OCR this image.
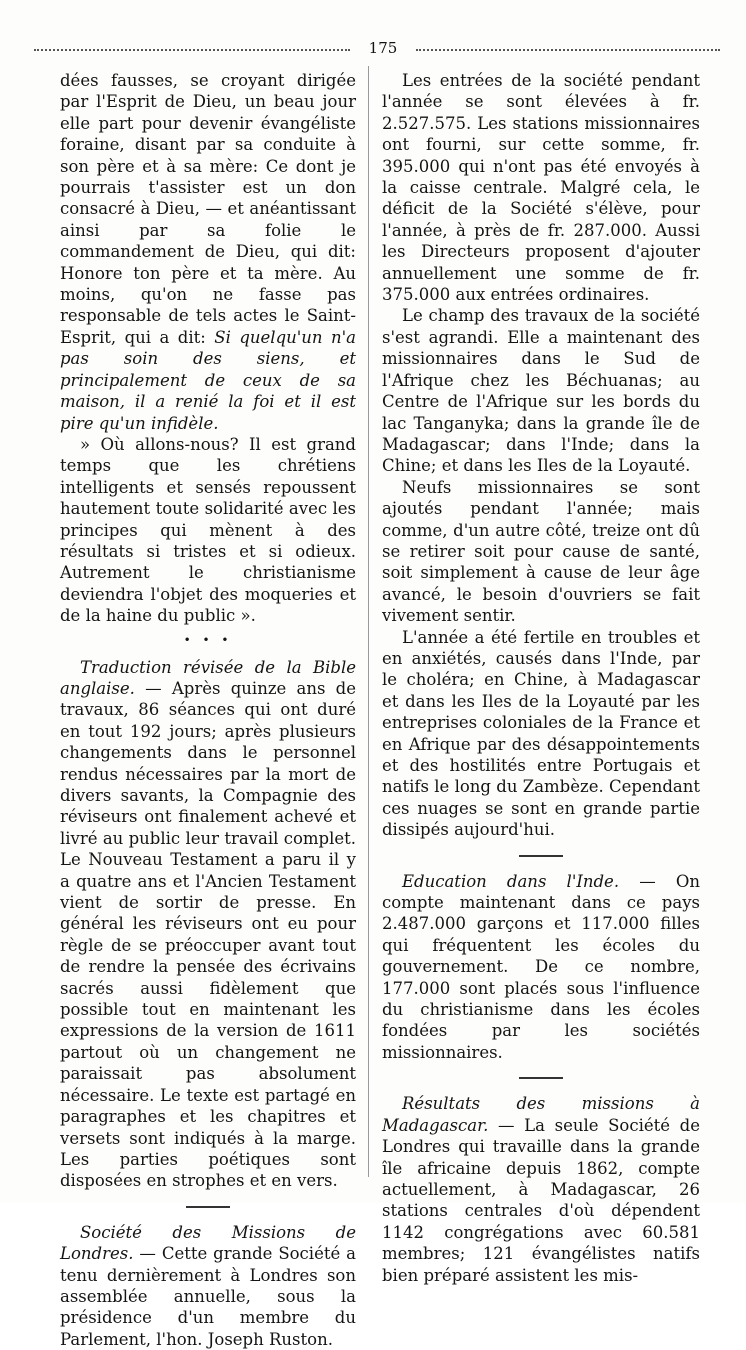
175

dées fausses, se croyant dirigée par l'Esprit de Dieu, un beau jour elle part pour devenir évangéliste foraine, disant par sa conduite à son père et à sa mère: Ce dont je pourrais t'assister est un don consacré à Dieu, — et anéantissant ainsi par sa folie le commandement de Dieu, qui dit: Honore ton père et ta mère. Au moins, qu'on ne fasse pas responsable de tels actes le Saint-Esprit, qui a dit: Si quelqu'un n'a pas soin des siens, et principalement de ceux de sa maison, il a renié la foi et il est pire qu'un infidèle.

» Où allons-nous? Il est grand temps que les chrétiens intelligents et sensés repoussent hautement toute solidarité avec les principes qui mènent à des résultats si tristes et si odieux. Autrement le christianisme deviendra l'objet des moqueries et de la haine du public ».

• • •

Traduction révisée de la Bible anglaise. — Après quinze ans de travaux, 86 séances qui ont duré en tout 192 jours; après plusieurs changements dans le personnel rendus nécessaires par la mort de divers savants, la Compagnie des réviseurs ont finalement achevé et livré au public leur travail complet. Le Nouveau Testament a paru il y a quatre ans et l'Ancien Testament vient de sortir de presse. En général les réviseurs ont eu pour règle de se préoccuper avant tout de rendre la pensée des écrivains sacrés aussi fidèlement que possible tout en maintenant les expressions de la version de 1611 partout où un changement ne paraissait pas absolument nécessaire. Le texte est partagé en paragraphes et les chapitres et versets sont indiqués à la marge. Les parties poétiques sont disposées en strophes et en vers.

Société des Missions de Londres. — Cette grande Société a tenu dernièrement à Londres son assemblée annuelle, sous la présidence d'un membre du Parlement, l'hon. Joseph Ruston.

Les entrées de la société pendant l'année se sont élevées à fr. 2.527.575. Les stations missionnaires ont fourni, sur cette somme, fr. 395.000 qui n'ont pas été envoyés à la caisse centrale. Malgré cela, le déficit de la Société s'élève, pour l'année, à près de fr. 287.000. Aussi les Directeurs proposent d'ajouter annuellement une somme de fr. 375.000 aux entrées ordinaires.

Le champ des travaux de la société s'est agrandi. Elle a maintenant des missionnaires dans le Sud de l'Afrique chez les Béchuanas; au Centre de l'Afrique sur les bords du lac Tanganyka; dans la grande île de Madagascar; dans l'Inde; dans la Chine; et dans les Iles de la Loyauté.

Neufs missionnaires se sont ajoutés pendant l'année; mais comme, d'un autre côté, treize ont dû se retirer soit pour cause de santé, soit simplement à cause de leur âge avancé, le besoin d'ouvriers se fait vivement sentir.

L'année a été fertile en troubles et en anxiétés, causés dans l'Inde, par le choléra; en Chine, à Madagascar et dans les Iles de la Loyauté par les entreprises coloniales de la France et en Afrique par des désappointements et des hostilités entre Portugais et natifs le long du Zambèze. Cependant ces nuages se sont en grande partie dissipés aujourd'hui.

Education dans l'Inde. — On compte maintenant dans ce pays 2.487.000 garçons et 117.000 filles qui fréquentent les écoles du gouvernement. De ce nombre, 177.000 sont placés sous l'influence du christianisme dans les écoles fondées par les sociétés missionnaires.

Résultats des missions à Madagascar. — La seule Société de Londres qui travaille dans la grande île africaine depuis 1862, compte actuellement, à Madagascar, 26 stations centrales d'où dépendent 1142 congrégations avec 60.581 membres; 121 évangélistes natifs bien préparé assistent les mis-
